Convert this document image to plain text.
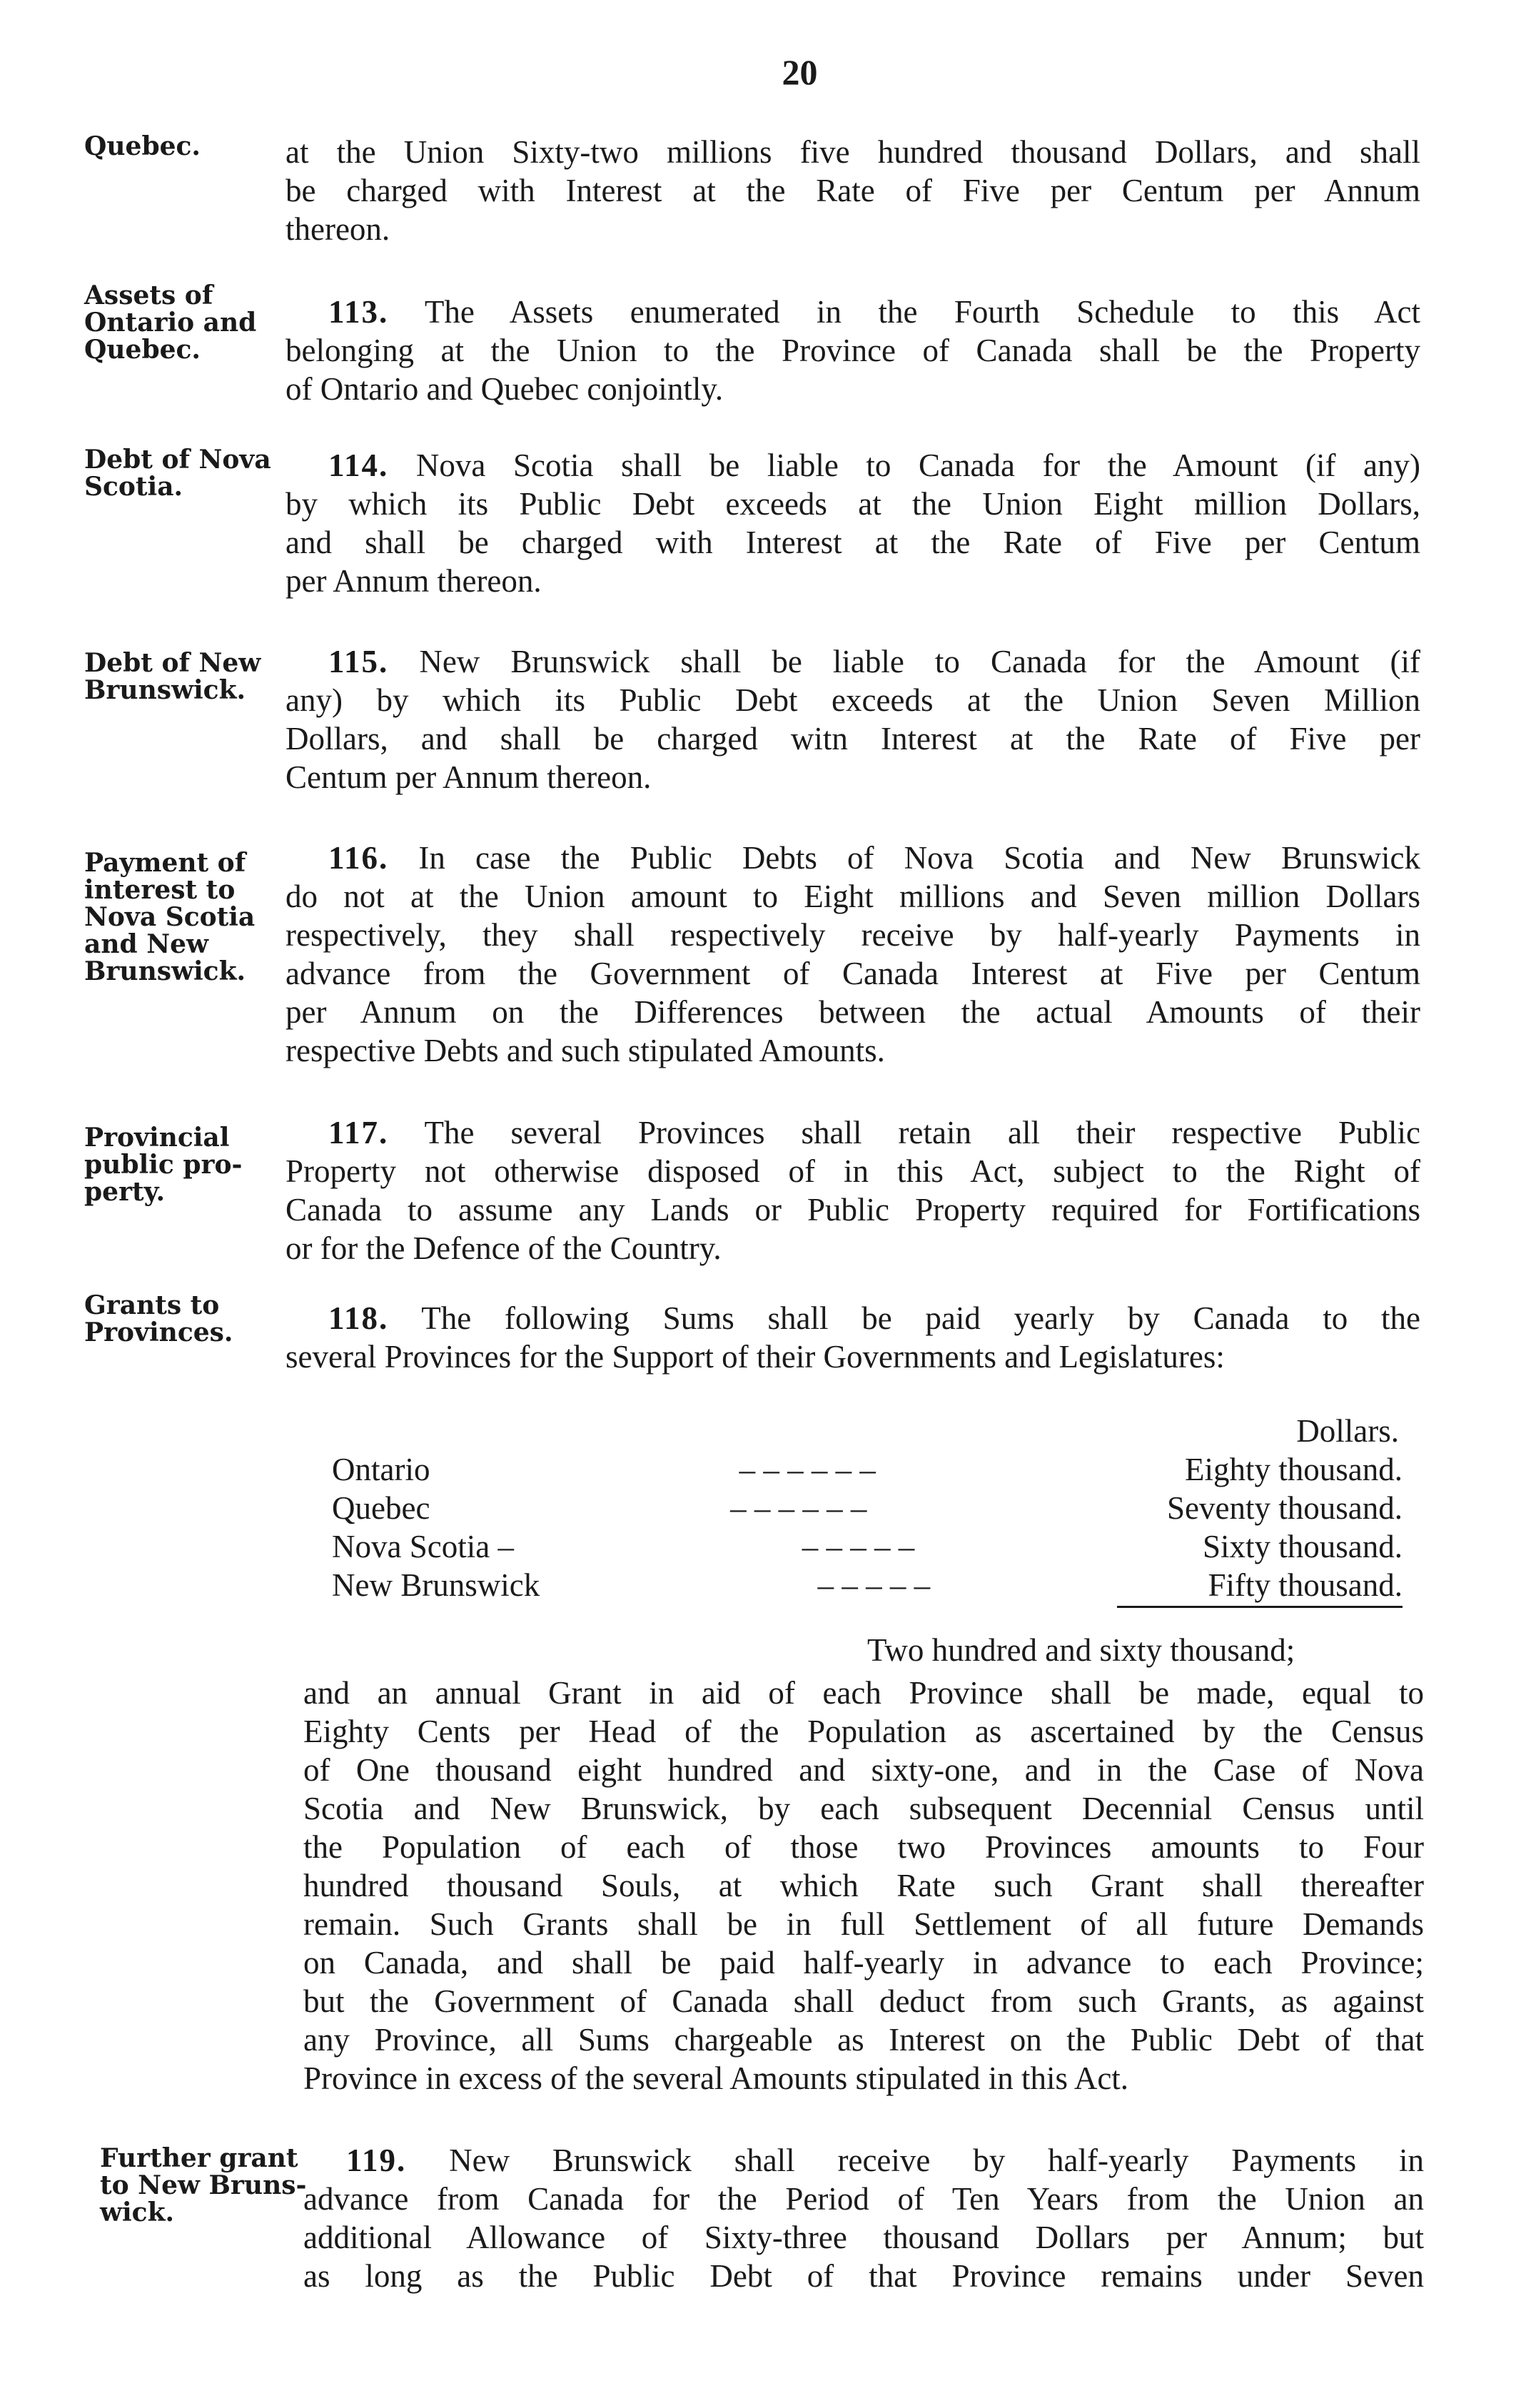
20
Quebec.	at the Union Sixty-two millions five hundred thousand Dollars, and shall
be charged with Interest at the Rate of Five per Centum per Annum
thereon.
Assets of
Ontario and
Quebec.
113. The Assets enumerated in the Fourth Schedule to this Act
belonging at the Union to the Province of Canada shall be the Property
of Ontario and Quebec conjointly.
Debt of Nova
Scotia.
114. Nova Scotia shall be liable to Canada for the Amount (if any)
by which its Public Debt exceeds at the Union Eight million Dollars,
and shall be charged with Interest at the Rate of Five per Centum
per Annum thereon.
Debt of New
Brunswick.
115. New Brunswick shall be liable to Canada for the Amount (if
any) by which its Public Debt exceeds at the Union Seven Million
Dollars, and shall be charged witn Interest at the Rate of Five per
Centum per Annum thereon.
Payment of
interest to
Nova Scotia
and New
Brunswick.
116. In case the Public Debts of Nova Scotia and New Brunswick
do not at the Union amount to Eight millions and Seven million Dollars
respectively, they shall respectively receive by half-yearly Payments in
advance from the Government of Canada Interest at Five per Centum
per Annum on the Differences between the actual Amounts of their
respective Debts and such stipulated Amounts.
Provincial
public pro-
perty.
117. The several Provinces shall retain all their respective Public
Property not otherwise disposed of in this Act, subject to the Right of
Canada to assume any Lands or Public Property required for Fortifications
or for the Defence of the Country.
Grants to
Provinces.	118. The following Sums shall be paid yearly by Canada to the
several Provinces for the Support of their Governments and Legislatures:
Dollars.
Ontario	– – – – – –	Eighty thousand.
Quebec	– – – – – –	Seventy thousand.
Nova Scotia –	– – – – –	Sixty thousand.
New Brunswick	– – – – –	Fifty thousand.
Two hundred and sixty thousand;
and an annual Grant in aid of each Province shall be made, equal to
Eighty Cents per Head of the Population as ascertained by the Census
of One thousand eight hundred and sixty-one, and in the Case of Nova
Scotia and New Brunswick, by each subsequent Decennial Census until
the Population of each of those two Provinces amounts to Four
hundred thousand Souls, at which Rate such Grant shall thereafter
remain. Such Grants shall be in full Settlement of all future Demands
on Canada, and shall be paid half-yearly in advance to each Province;
but the Government of Canada shall deduct from such Grants, as against
any Province, all Sums chargeable as Interest on the Public Debt of that
Province in excess of the several Amounts stipulated in this Act.
Further grant
to New Bruns-
wick.
119. New Brunswick shall receive by half-yearly Payments in
advance from Canada for the Period of Ten Years from the Union an
additional Allowance of Sixty-three thousand Dollars per Annum; but
as long as the Public Debt of that Province remains under Seven
